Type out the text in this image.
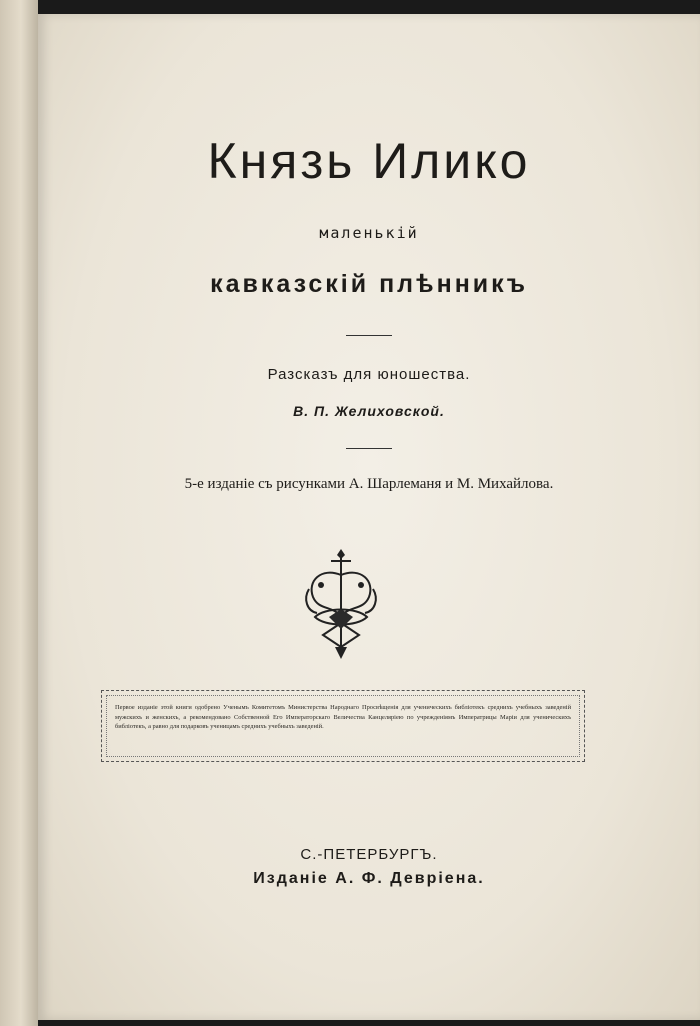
Князь Илико
маленькій
кавказскій плѣнникъ
Разсказъ для юношества.
В. П. Желиховской.
5-е изданіе съ рисунками А. Шарлеманя и М. Михайлова.
Первое изданіе этой книги одобрено Ученымъ Комитетомъ Министерства Народнаго Просвѣщенія для ученическихъ библіотекъ среднихъ учебныхъ заведеній мужскихъ и женскихъ, а рекомендовано Собственной Его Императорскаго Величества Канцеляріею по учрежденіямъ Императрицы Маріи для ученическихъ библіотекъ, а равно для подарковъ ученицамъ среднихъ учебныхъ заведеній.
С.-ПЕТЕРБУРГЪ.
Изданіе А. Ф. Девріена.
